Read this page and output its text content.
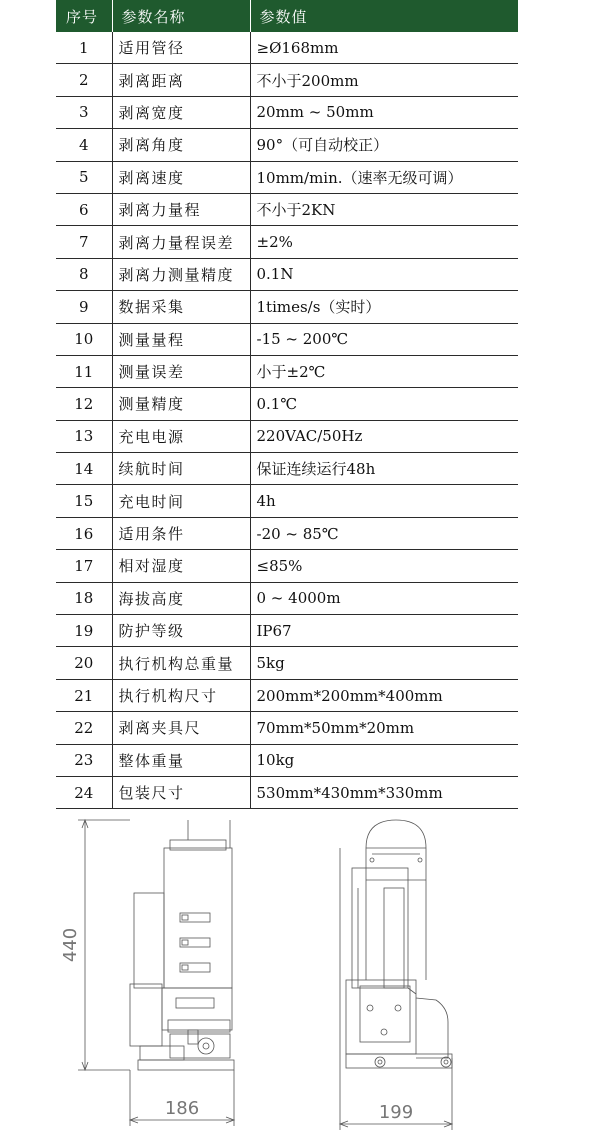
序号	参数名称	参数值
1	适用管径	≥Ø168mm
2	剥离距离	不小于200mm
3	剥离宽度	20mm ~ 50mm
4	剥离角度	90°（可自动校正）
5	剥离速度	10mm/min.（速率无级可调）
6	剥离力量程	不小于2KN
7	剥离力量程误差	±2%
8	剥离力测量精度	0.1N
9	数据采集	1times/s（实时）
10	测量量程	-15 ~ 200℃
11	测量误差	小于±2℃
12	测量精度	0.1℃
13	充电电源	220VAC/50Hz
14	续航时间	保证连续运行48h
15	充电时间	4h
16	适用条件	-20 ~ 85℃
17	相对湿度	≤85%
18	海拔高度	0 ~ 4000m
19	防护等级	IP67
20	执行机构总重量	5kg
21	执行机构尺寸	200mm*200mm*400mm
22	剥离夹具尺	70mm*50mm*20mm
23	整体重量	10kg
24	包装尺寸	530mm*430mm*330mm
440
186	199
